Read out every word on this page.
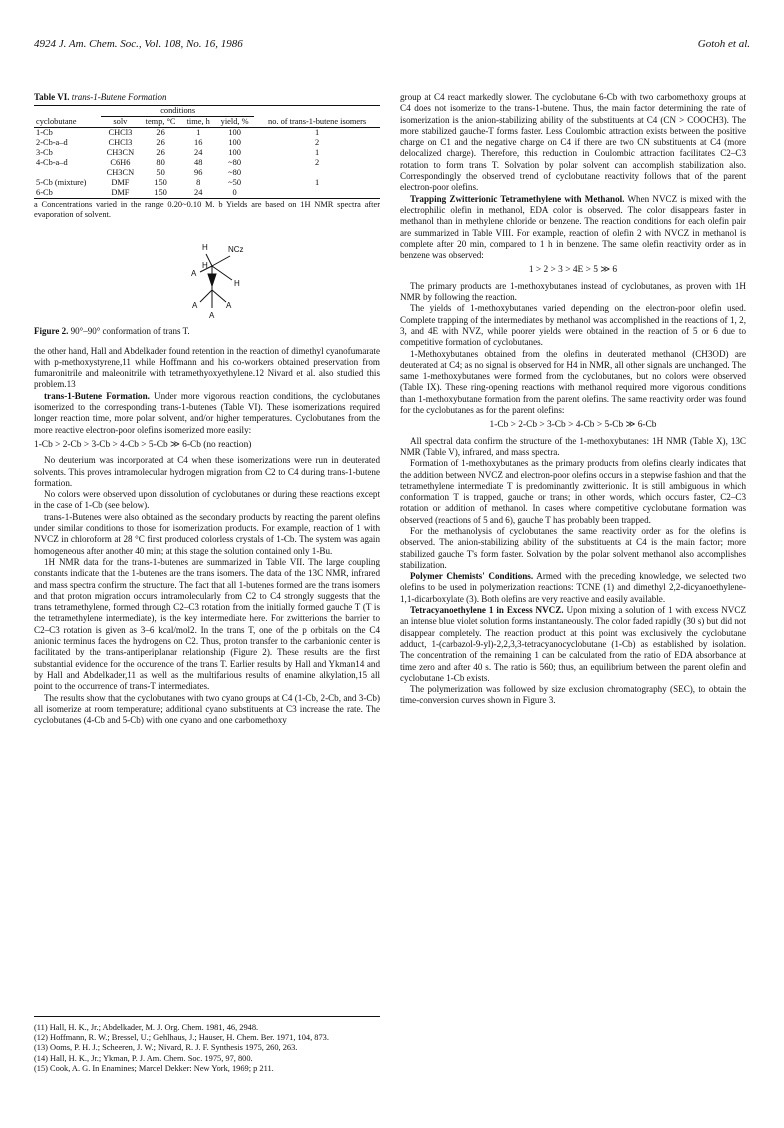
4924 J. Am. Chem. Soc., Vol. 108, No. 16, 1986	Gotoh et al.
Table VI. trans-1-Butene Formation
	conditions				
cyclobutane	solv	temp, °C	time, h	yield, %	no. of trans-1-butene isomers
1-Cb	CHCl3	26	1	100	1
2-Cb-a–d	CHCl3	26	16	100	2
3-Cb	CH3CN	26	24	100	1
4-Cb-a–d	C6H6	80	48	~80	2
	CH3CN	50	96	~80	
5-Cb (mixture)	DMF	150	8	~50	1
6-Cb	DMF	150	24	0	
a Concentrations varied in the range 0.20~0.10 M. b Yields are based on 1H NMR spectra after evaporation of solvent.
H	NCz
A
H
H
A	A
A
Figure 2. 90°–90° conformation of trans T.

the other hand, Hall and Abdelkader found retention in the reaction of dimethyl cyanofumarate with p-methoxystyrene,11 while Hoffmann and his co-workers obtained preservation from fumaronitrile and maleonitrile with tetramethyoxyethylene.12 Nivard et al. also studied this problem.13

trans-1-Butene Formation. Under more vigorous reaction conditions, the cyclobutanes isomerized to the corresponding trans-1-butenes (Table VI). These isomerizations required longer reaction time, more polar solvent, and/or higher temperatures. Cyclobutanes from the more reactive electron-poor olefins isomerized more easily:

1-Cb > 2-Cb > 3-Cb > 4-Cb > 5-Cb ≫ 6-Cb (no reaction)

No deuterium was incorporated at C4 when these isomerizations were run in deuterated solvents. This proves intramolecular hydrogen migration from C2 to C4 during trans-1-butene formation.

No colors were observed upon dissolution of cyclobutanes or during these reactions except in the case of 1-Cb (see below).

trans-1-Butenes were also obtained as the secondary products by reacting the parent olefins under similar conditions to those for isomerization products. For example, reaction of 1 with NVCZ in chloroform at 28 °C first produced colorless crystals of 1-Cb. The system was again homogeneous after another 40 min; at this stage the solution contained only 1-Bu.

1H NMR data for the trans-1-butenes are summarized in Table VII. The large coupling constants indicate that the 1-butenes are the trans isomers. The data of the 13C NMR, infrared and mass spectra confirm the structure. The fact that all 1-butenes formed are the trans isomers and that proton migration occurs intramolecularly from C2 to C4 strongly suggests that the trans tetramethylene, formed through C2–C3 rotation from the initially formed gauche T (T is the tetramethylene intermediate), is the key intermediate here. For zwitterions the barrier to C2–C3 rotation is given as 3–6 kcal/mol2. In the trans T, one of the p orbitals on the C4 anionic terminus faces the hydrogens on C2. Thus, proton transfer to the carbanionic center is facilitated by the trans-antiperiplanar relationship (Figure 2). These results are the first substantial evidence for the occurence of the trans T. Earlier results by Hall and Ykman14 and by Hall and Abdelkader,11 as well as the multifarious results of enamine alkylation,15 all point to the occurrence of trans-T intermediates.

The results show that the cyclobutanes with two cyano groups at C4 (1-Cb, 2-Cb, and 3-Cb) all isomerize at room temperature; additional cyano substituents at C3 increase the rate. The cyclobutanes (4-Cb and 5-Cb) with one cyano and one carbomethoxy

(11) Hall, H. K., Jr.; Abdelkader, M. J. Org. Chem. 1981, 46, 2948.
(12) Hoffmann, R. W.; Bressel, U.; Gehlhaus, J.; Hauser, H. Chem. Ber. 1971, 104, 873.
(13) Ooms, P. H. J.; Scheeren, J. W.; Nivard, R. J. F. Synthesis 1975, 260, 263.
(14) Hall, H. K., Jr.; Ykman, P. J. Am. Chem. Soc. 1975, 97, 800.
(15) Cook, A. G. In Enamines; Marcel Dekker: New York, 1969; p 211.

group at C4 react markedly slower. The cyclobutane 6-Cb with two carbomethoxy groups at C4 does not isomerize to the trans-1-butene. Thus, the main factor determining the rate of isomerization is the anion-stabilizing ability of the substituents at C4 (CN > COOCH3). The more stabilized gauche-T forms faster. Less Coulombic attraction exists between the positive charge on C1 and the negative charge on C4 if there are two CN substituents at C4 (more delocalized charge). Therefore, this reduction in Coulombic attraction facilitates C2–C3 rotation to form trans T. Solvation by polar solvent can accomplish stabilization also. Correspondingly the observed trend of cyclobutane reactivity follows that of the parent electron-poor olefins.

Trapping Zwitterionic Tetramethylene with Methanol. When NVCZ is mixed with the electrophilic olefin in methanol, EDA color is observed. The color disappears faster in methanol than in methylene chloride or benzene. The reaction conditions for each olefin pair are summarized in Table VIII. For example, reaction of olefin 2 with NVCZ in methanol is complete after 20 min, compared to 1 h in benzene. The same olefin reactivity order as in benzene was observed:

1 > 2 > 3 > 4E > 5 ≫ 6

The primary products are 1-methoxybutanes instead of cyclobutanes, as proven with 1H NMR by following the reaction.

The yields of 1-methoxybutanes varied depending on the electron-poor olefin used. Complete trapping of the intermediates by methanol was accomplished in the reactions of 1, 2, 3, and 4E with NVZ, while poorer yields were obtained in the reaction of 5 or 6 due to competitive formation of cyclobutanes.

1-Methoxybutanes obtained from the olefins in deuterated methanol (CH3OD) are deuterated at C4; as no signal is observed for H4 in NMR, all other signals are unchanged. The same 1-methoxybutanes were formed from the cyclobutanes, but no colors were observed (Table IX). These ring-opening reactions with methanol required more vigorous conditions than 1-methoxybutane formation from the parent olefins. The same reactivity order was found for the cyclobutanes as for the parent olefins:

1-Cb > 2-Cb > 3-Cb > 4-Cb > 5-Cb ≫ 6-Cb

All spectral data confirm the structure of the 1-methoxybutanes: 1H NMR (Table X), 13C NMR (Table V), infrared, and mass spectra.

Formation of 1-methoxybutanes as the primary products from olefins clearly indicates that the addition between NVCZ and electron-poor olefins occurs in a stepwise fashion and that the tetramethylene intermediate T is predominantly zwitterionic. It is still ambiguous in which conformation T is trapped, gauche or trans; in other words, which occurs faster, C2–C3 rotation or addition of methanol. In cases where competitive cyclobutane formation was observed (reactions of 5 and 6), gauche T has probably been trapped.

For the methanolysis of cyclobutanes the same reactivity order as for the olefins is observed. The anion-stabilizing ability of the substituents at C4 is the main factor; more stabilized gauche T's form faster. Solvation by the polar solvent methanol also accomplishes stabilization.

Polymer Chemists' Conditions. Armed with the preceding knowledge, we selected two olefins to be used in polymerization reactions: TCNE (1) and dimethyl 2,2-dicyanoethylene-1,1-dicarboxylate (3). Both olefins are very reactive and easily available.

Tetracyanoethylene 1 in Excess NVCZ. Upon mixing a solution of 1 with excess NVCZ an intense blue violet solution forms instantaneously. The color faded rapidly (30 s) but did not disappear completely. The reaction product at this point was exclusively the cyclobutane adduct, 1-(carbazol-9-yl)-2,2,3,3-tetracyanocyclobutane (1-Cb) as established by isolation. The concentration of the remaining 1 can be calculated from the ratio of EDA absorbance at time zero and after 40 s. The ratio is 560; thus, an equilibrium between the parent olefin and cyclobutane 1-Cb exists.

The polymerization was followed by size exclusion chromatography (SEC), to obtain the time-conversion curves shown in Figure 3.
